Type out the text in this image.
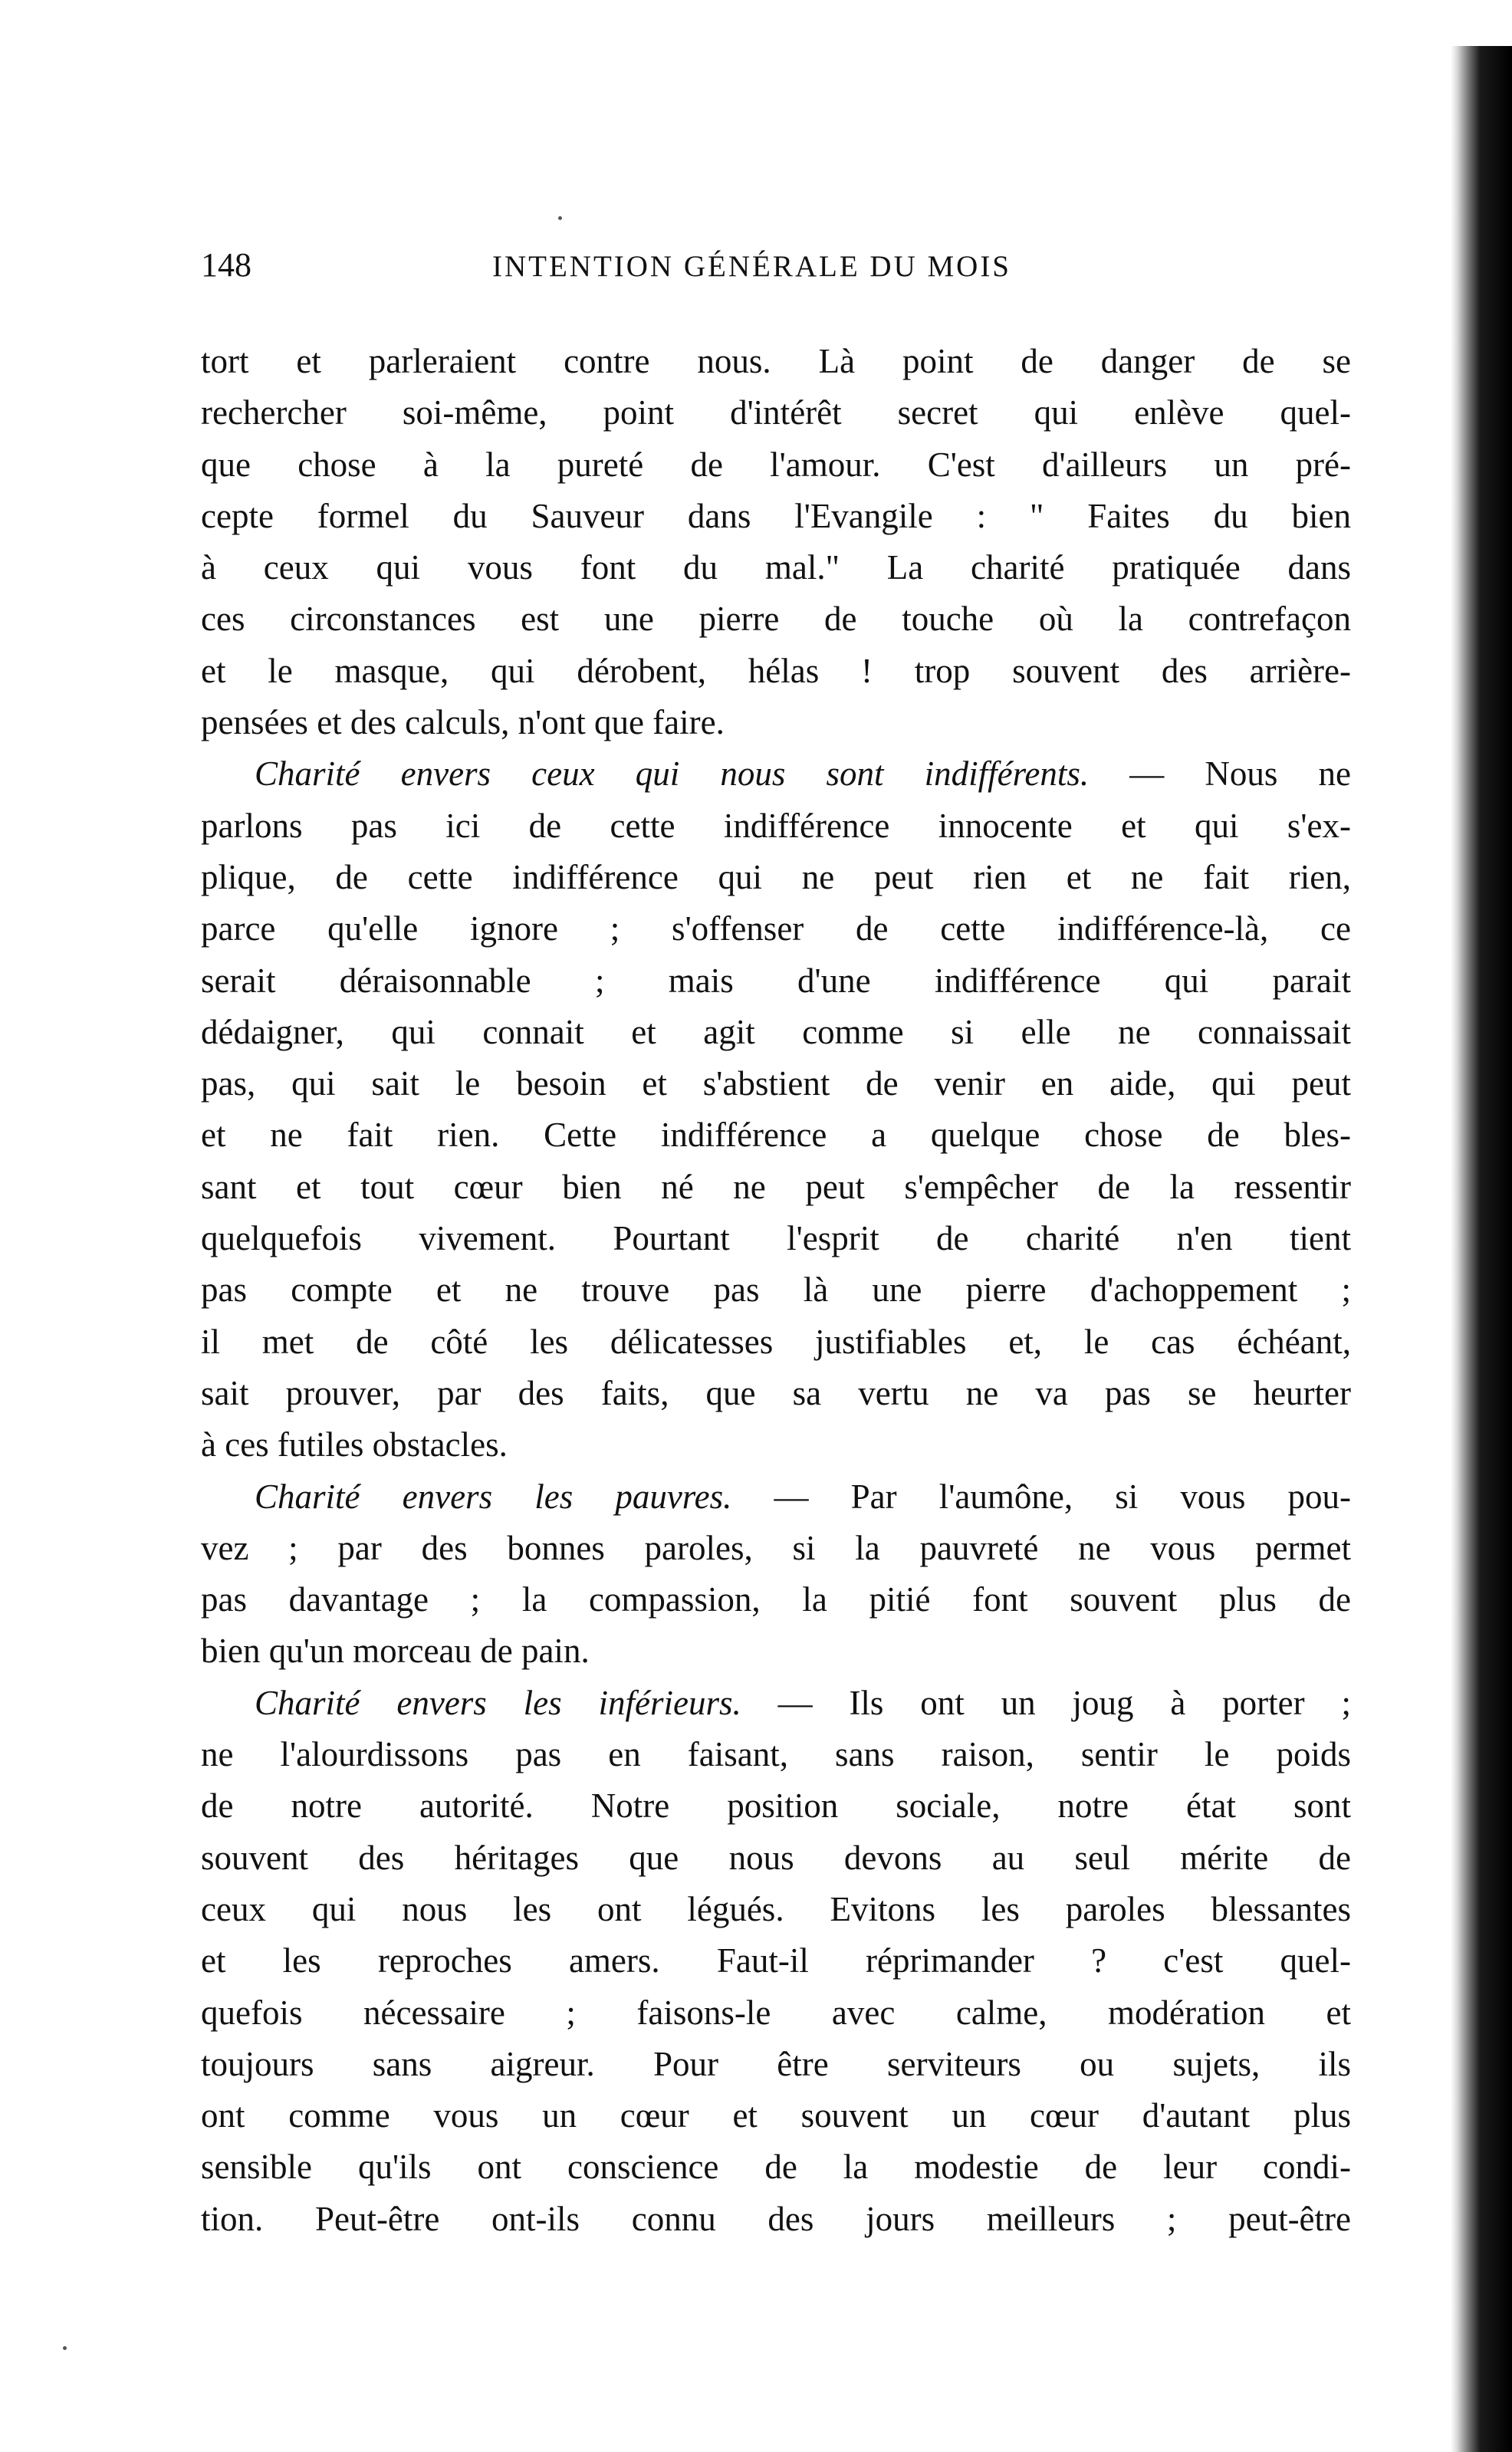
148	INTENTION GÉNÉRALE DU MOIS
tort et parleraient contre nous. Là point de danger de se
rechercher soi-même, point d'intérêt secret qui enlève quel-
que chose à la pureté de l'amour. C'est d'ailleurs un pré-
cepte formel du Sauveur dans l'Evangile : " Faites du bien
à ceux qui vous font du mal." La charité pratiquée dans
ces circonstances est une pierre de touche où la contrefaçon
et le masque, qui dérobent, hélas ! trop souvent des arrière-
pensées et des calculs, n'ont que faire.
Charité envers ceux qui nous sont indifférents. — Nous ne
parlons pas ici de cette indifférence innocente et qui s'ex-
plique, de cette indifférence qui ne peut rien et ne fait rien,
parce qu'elle ignore ; s'offenser de cette indifférence-là, ce
serait déraisonnable ; mais d'une indifférence qui parait
dédaigner, qui connait et agit comme si elle ne connaissait
pas, qui sait le besoin et s'abstient de venir en aide, qui peut
et ne fait rien. Cette indifférence a quelque chose de bles-
sant et tout cœur bien né ne peut s'empêcher de la ressentir
quelquefois vivement. Pourtant l'esprit de charité n'en tient
pas compte et ne trouve pas là une pierre d'achoppement ;
il met de côté les délicatesses justifiables et, le cas échéant,
sait prouver, par des faits, que sa vertu ne va pas se heurter
à ces futiles obstacles.
Charité envers les pauvres. — Par l'aumône, si vous pou-
vez ; par des bonnes paroles, si la pauvreté ne vous permet
pas davantage ; la compassion, la pitié font souvent plus de
bien qu'un morceau de pain.
Charité envers les inférieurs. — Ils ont un joug à porter ;
ne l'alourdissons pas en faisant, sans raison, sentir le poids
de notre autorité. Notre position sociale, notre état sont
souvent des héritages que nous devons au seul mérite de
ceux qui nous les ont légués. Evitons les paroles blessantes
et les reproches amers. Faut-il réprimander ? c'est quel-
quefois nécessaire ; faisons-le avec calme, modération et
toujours sans aigreur. Pour être serviteurs ou sujets, ils
ont comme vous un cœur et souvent un cœur d'autant plus
sensible qu'ils ont conscience de la modestie de leur condi-
tion. Peut-être ont-ils connu des jours meilleurs ; peut-être
